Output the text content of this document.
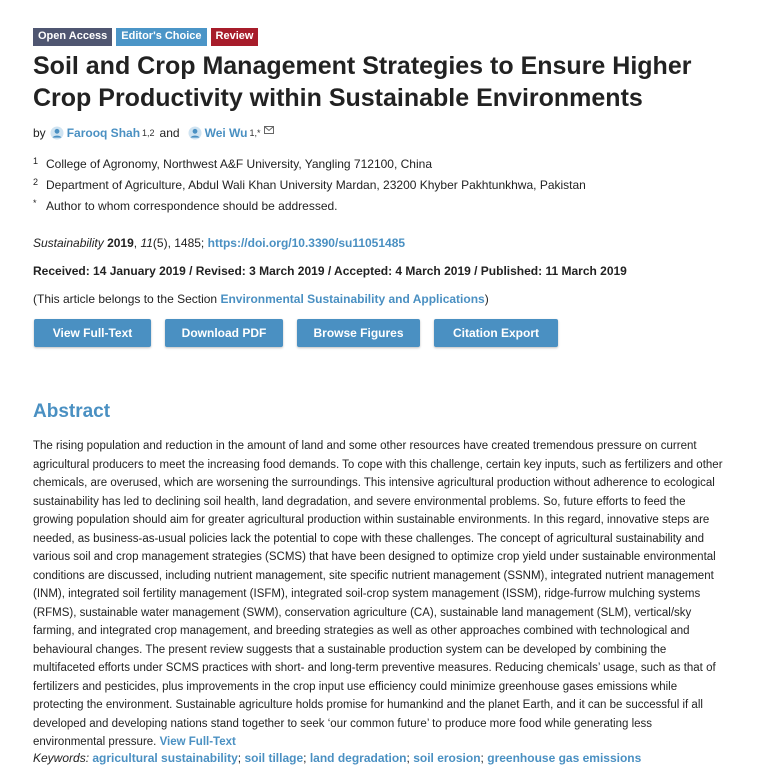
Open Access	Editor's Choice	Review
Soil and Crop Management Strategies to Ensure Higher Crop Productivity within Sustainable Environments
by Farooq Shah 1,2 and Wei Wu 1,*
1 College of Agronomy, Northwest A&F University, Yangling 712100, China
2 Department of Agriculture, Abdul Wali Khan University Mardan, 23200 Khyber Pakhtunkhwa, Pakistan
* Author to whom correspondence should be addressed.
Sustainability 2019, 11(5), 1485; https://doi.org/10.3390/su11051485
Received: 14 January 2019 / Revised: 3 March 2019 / Accepted: 4 March 2019 / Published: 11 March 2019
(This article belongs to the Section Environmental Sustainability and Applications)
View Full-Text	Download PDF	Browse Figures	Citation Export
Abstract

The rising population and reduction in the amount of land and some other resources have created tremendous pressure on current agricultural producers to meet the increasing food demands. To cope with this challenge, certain key inputs, such as fertilizers and other chemicals, are overused, which are worsening the surroundings. This intensive agricultural production without adherence to ecological sustainability has led to declining soil health, land degradation, and severe environmental problems. So, future efforts to feed the growing population should aim for greater agricultural production within sustainable environments. In this regard, innovative steps are needed, as business-as-usual policies lack the potential to cope with these challenges. The concept of agricultural sustainability and various soil and crop management strategies (SCMS) that have been designed to optimize crop yield under sustainable environmental conditions are discussed, including nutrient management, site specific nutrient management (SSNM), integrated nutrient management (INM), integrated soil fertility management (ISFM), integrated soil-crop system management (ISSM), ridge-furrow mulching systems (RFMS), sustainable water management (SWM), conservation agriculture (CA), sustainable land management (SLM), vertical/sky farming, and integrated crop management, and breeding strategies as well as other approaches combined with technological and behavioural changes. The present review suggests that a sustainable production system can be developed by combining the multifaceted efforts under SCMS practices with short- and long-term preventive measures. Reducing chemicals’ usage, such as that of fertilizers and pesticides, plus improvements in the crop input use efficiency could minimize greenhouse gases emissions while protecting the environment. Sustainable agriculture holds promise for humankind and the planet Earth, and it can be successful if all developed and developing nations stand together to seek ‘our common future’ to produce more food while generating less environmental pressure. View Full-Text

Keywords: agricultural sustainability; soil tillage; land degradation; soil erosion; greenhouse gas emissions
